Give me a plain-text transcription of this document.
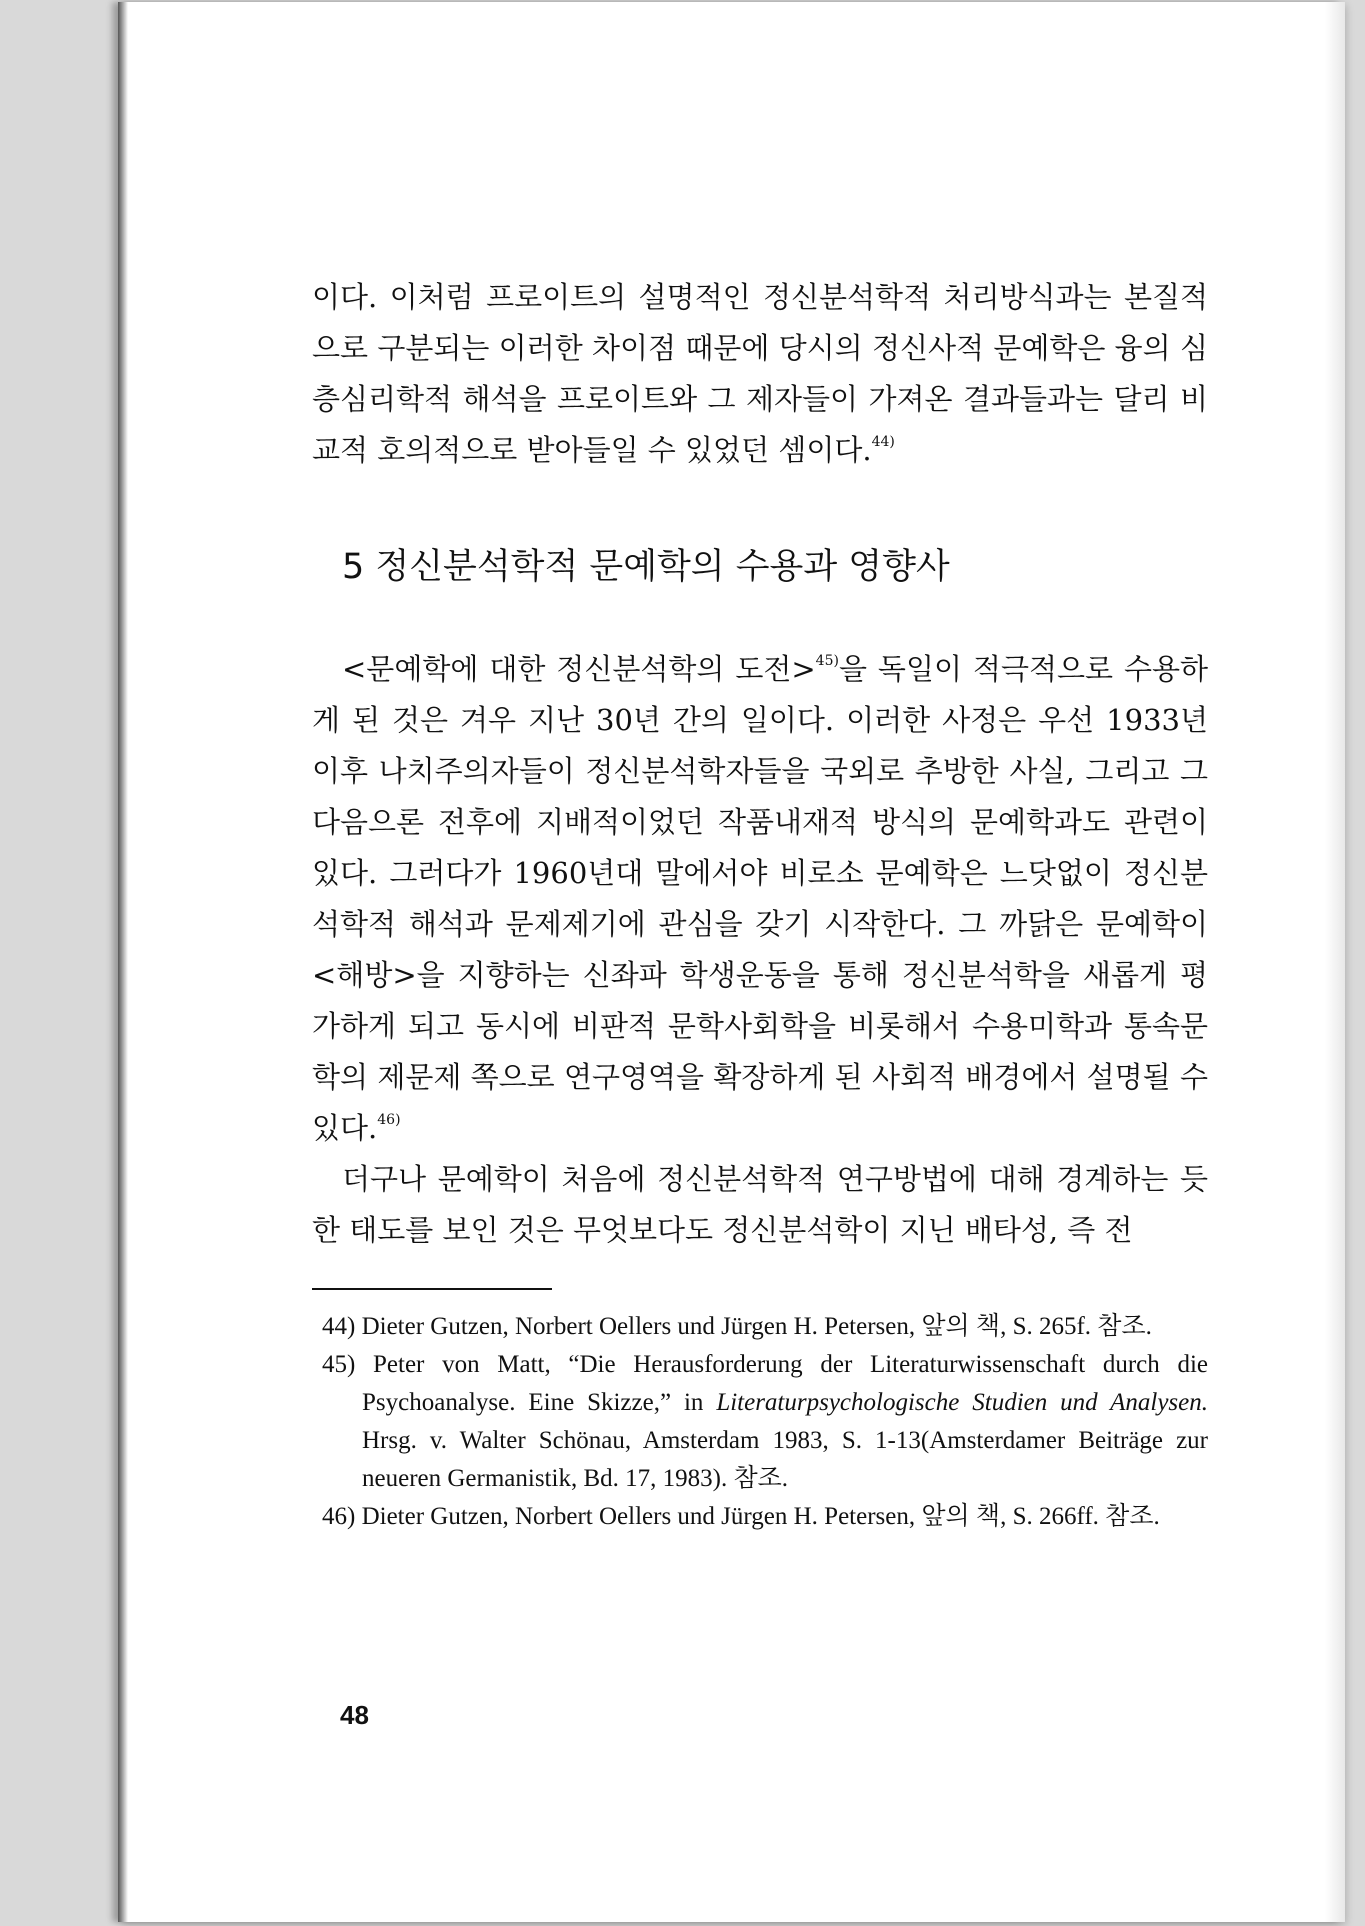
이다. 이처럼 프로이트의 설명적인 정신분석학적 처리방식과는 본질적으로 구분되는 이러한 차이점 때문에 당시의 정신사적 문예학은 융의 심층심리학적 해석을 프로이트와 그 제자들이 가져온 결과들과는 달리 비교적 호의적으로 받아들일 수 있었던 셈이다.$^{44)}$

5 정신분석학적 문예학의 수용과 영향사

<문예학에 대한 정신분석학의 도전>$^{45)}$을 독일이 적극적으로 수용하게 된 것은 겨우 지난 30년 간의 일이다. 이러한 사정은 우선 1933년 이후 나치주의자들이 정신분석학자들을 국외로 추방한 사실, 그리고 그 다음으론 전후에 지배적이었던 작품내재적 방식의 문예학과도 관련이 있다. 그러다가 1960년대 말에서야 비로소 문예학은 느닷없이 정신분석학적 해석과 문제제기에 관심을 갖기 시작한다. 그 까닭은 문예학이 <해방>을 지향하는 신좌파 학생운동을 통해 정신분석학을 새롭게 평가하게 되고 동시에 비판적 문학사회학을 비롯해서 수용미학과 통속문학의 제문제 쪽으로 연구영역을 확장하게 된 사회적 배경에서 설명될 수 있다.$^{46)}$

더구나 문예학이 처음에 정신분석학적 연구방법에 대해 경계하는 듯한 태도를 보인 것은 무엇보다도 정신분석학이 지닌 배타성, 즉 전

44) Dieter Gutzen, Norbert Oellers und Jürgen H. Petersen, 앞의 책, S. 265f. 참조.
45) Peter von Matt, “Die Herausforderung der Literaturwissenschaft durch die Psychoanalyse. Eine Skizze,” in Literaturpsychologische Studien und Analysen. Hrsg. v. Walter Schönau, Amsterdam 1983, S. 1-13(Amsterdamer Beiträge zur neueren Germanistik, Bd. 17, 1983). 참조.
46) Dieter Gutzen, Norbert Oellers und Jürgen H. Petersen, 앞의 책, S. 266ff. 참조.
48
